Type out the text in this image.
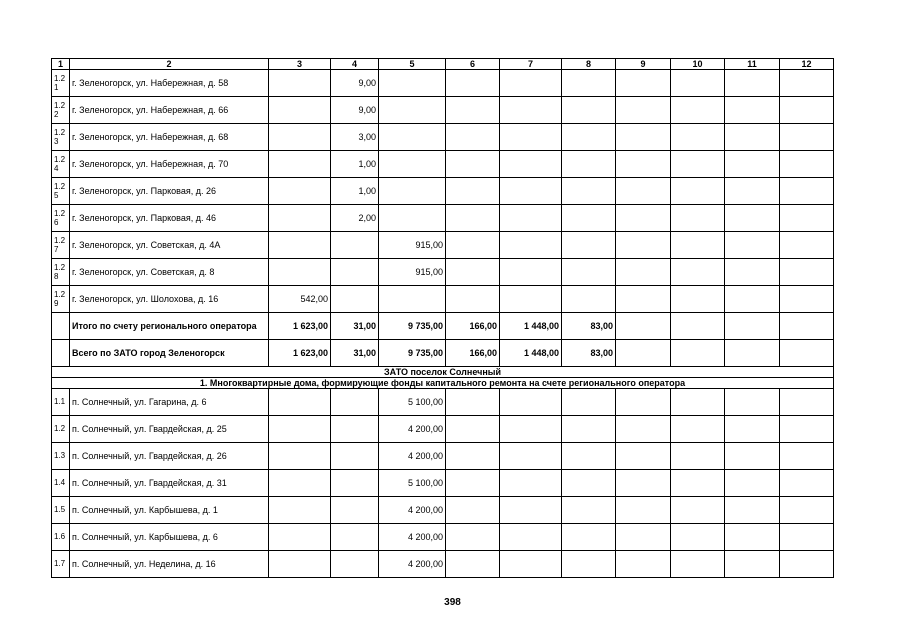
1	2	3	4	5	6	7	8	9	10	11	12
1.21	г. Зеленогорск, ул. Набережная, д. 58		9,00								
1.22	г. Зеленогорск, ул. Набережная, д. 66		9,00								
1.23	г. Зеленогорск, ул. Набережная, д. 68		3,00								
1.24	г. Зеленогорск, ул. Набережная, д. 70		1,00								
1.25	г. Зеленогорск, ул. Парковая, д. 26		1,00								
1.26	г. Зеленогорск, ул. Парковая, д. 46		2,00								
1.27	г. Зеленогорск, ул. Советская, д. 4А			915,00							
1.28	г. Зеленогорск, ул. Советская, д. 8			915,00							
1.29	г. Зеленогорск, ул. Шолохова, д. 16	542,00									
	Итого по счету регионального оператора	1 623,00	31,00	9 735,00	166,00	1 448,00	83,00				
	Всего по ЗАТО город Зеленогорск	1 623,00	31,00	9 735,00	166,00	1 448,00	83,00				
ЗАТО поселок Солнечный											
1. Многоквартирные дома, формирующие фонды капитального ремонта на счете регионального оператора											
1.1	п. Солнечный, ул. Гагарина, д. 6			5 100,00							
1.2	п. Солнечный, ул. Гвардейская, д. 25			4 200,00							
1.3	п. Солнечный, ул. Гвардейская, д. 26			4 200,00							
1.4	п. Солнечный, ул. Гвардейская, д. 31			5 100,00							
1.5	п. Солнечный, ул. Карбышева, д. 1			4 200,00							
1.6	п. Солнечный, ул. Карбышева, д. 6			4 200,00							
1.7	п. Солнечный, ул. Неделина, д. 16			4 200,00							
398
